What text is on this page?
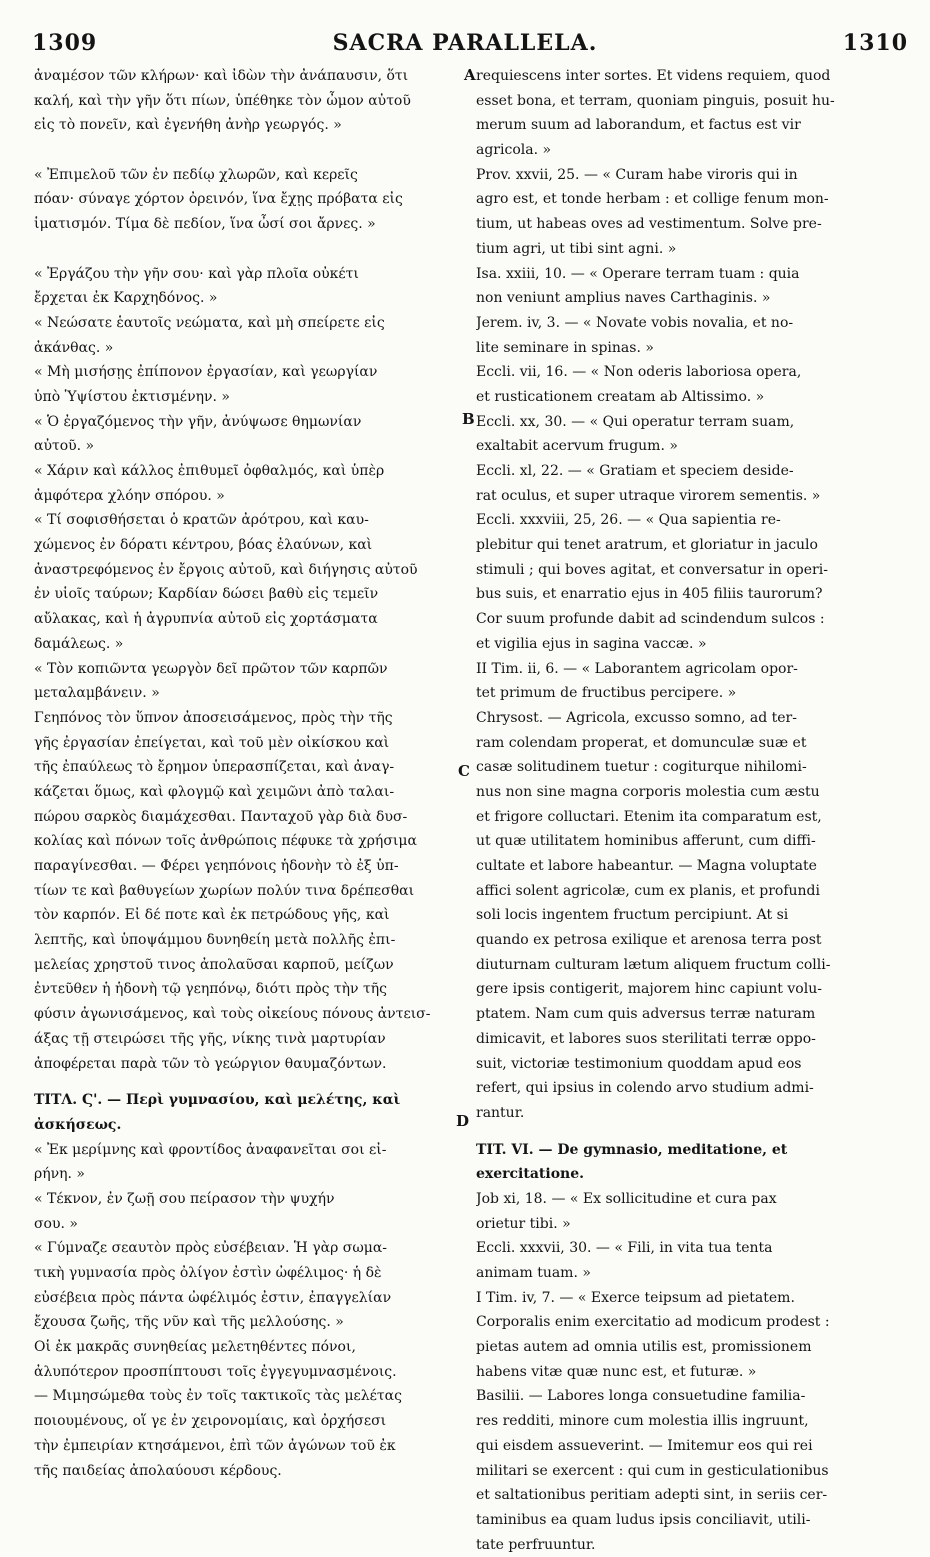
1309	SACRA PARALLELA.	1310
ἀναμέσον τῶν κλήρων· καὶ ἰδὼν τὴν ἀνάπαυσιν, ὅτι
καλή, καὶ τὴν γῆν ὅτι πίων, ὑπέθηκε τὸν ὦμον αὐτοῦ
εἰς τὸ πονεῖν, καὶ ἐγενήθη ἀνὴρ γεωργός. »
« Ἐπιμελοῦ τῶν ἐν πεδίῳ χλωρῶν, καὶ κερεῖς
πόαν· σύναγε χόρτον ὀρεινόν, ἵνα ἔχῃς πρόβατα εἰς
ἱματισμόν. Τίμα δὲ πεδίον, ἵνα ὦσί σοι ἄρνες. »
« Ἐργάζου τὴν γῆν σου· καὶ γὰρ πλοῖα οὐκέτι
ἔρχεται ἐκ Καρχηδόνος. »
« Νεώσατε ἑαυτοῖς νεώματα, καὶ μὴ σπείρετε εἰς
ἀκάνθας. »
« Μὴ μισήσῃς ἐπίπονον ἐργασίαν, καὶ γεωργίαν
ὑπὸ Ὑψίστου ἐκτισμένην. »
« Ὁ ἐργαζόμενος τὴν γῆν, ἀνύψωσε θημωνίαν
αὐτοῦ. »
« Χάριν καὶ κάλλος ἐπιθυμεῖ ὀφθαλμός, καὶ ὑπὲρ
ἀμφότερα χλόην σπόρου. »
« Τί σοφισθήσεται ὁ κρατῶν ἀρότρου, καὶ καυ-
χώμενος ἐν δόρατι κέντρου, βόας ἐλαύνων, καὶ
ἀναστρεφόμενος ἐν ἔργοις αὐτοῦ, καὶ διήγησις αὐτοῦ
ἐν υἱοῖς ταύρων; Καρδίαν δώσει βαθὺ εἰς τεμεῖν
αὔλακας, καὶ ἡ ἀγρυπνία αὐτοῦ εἰς χορτάσματα
δαμάλεως. »
« Τὸν κοπιῶντα γεωργὸν δεῖ πρῶτον τῶν καρπῶν
μεταλαμβάνειν. »
Γεηπόνος τὸν ὕπνον ἀποσεισάμενος, πρὸς τὴν τῆς
γῆς ἐργασίαν ἐπείγεται, καὶ τοῦ μὲν οἰκίσκου καὶ
τῆς ἐπαύλεως τὸ ἔρημον ὑπερασπίζεται, καὶ ἀναγ-
κάζεται ὅμως, καὶ φλογμῷ καὶ χειμῶνι ἀπὸ ταλαι-
πώρου σαρκὸς διαμάχεσθαι. Πανταχοῦ γὰρ διὰ δυσ-
κολίας καὶ πόνων τοῖς ἀνθρώποις πέφυκε τὰ χρήσιμα
παραγίνεσθαι. — Φέρει γεηπόνοις ἡδονὴν τὸ ἐξ ὑπ-
τίων τε καὶ βαθυγείων χωρίων πολύν τινα δρέπεσθαι
τὸν καρπόν. Εἰ δέ ποτε καὶ ἐκ πετρώδους γῆς, καὶ
λεπτῆς, καὶ ὑποψάμμου δυνηθείη μετὰ πολλῆς ἐπι-
μελείας χρηστοῦ τινος ἀπολαῦσαι καρποῦ, μείζων
ἐντεῦθεν ἡ ἡδονὴ τῷ γεηπόνῳ, διότι πρὸς τὴν τῆς
φύσιν ἀγωνισάμενος, καὶ τοὺς οἰκείους πόνους ἀντεισ-
άξας τῇ στειρώσει τῆς γῆς, νίκης τινὰ μαρτυρίαν
ἀποφέρεται παρὰ τῶν τὸ γεώργιον θαυμαζόντων.
ΤΙΤΛ. Ϛ'. — Περὶ γυμνασίου, καὶ μελέτης, καὶ
ἀσκήσεως.
« Ἐκ μερίμνης καὶ φροντίδος ἀναφανεῖται σοι εἰ-
ρήνη. »
« Τέκνον, ἐν ζωῇ σου πείρασον τὴν ψυχήν
σου. »
« Γύμναζε σεαυτὸν πρὸς εὐσέβειαν. Ἡ γὰρ σωμα-
τικὴ γυμνασία πρὸς ὀλίγον ἐστὶν ὠφέλιμος· ἡ δὲ
εὐσέβεια πρὸς πάντα ὠφέλιμός ἐστιν, ἐπαγγελίαν
ἔχουσα ζωῆς, τῆς νῦν καὶ τῆς μελλούσης. »
Οἱ ἐκ μακρᾶς συνηθείας μελετηθέντες πόνοι,
ἀλυπότερον προσπίπτουσι τοῖς ἐγγεγυμνασμένοις.
— Μιμησώμεθα τοὺς ἐν τοῖς τακτικοῖς τὰς μελέτας
ποιουμένους, οἵ γε ἐν χειρονομίαις, καὶ ὀρχήσεσι
τὴν ἐμπειρίαν κτησάμενοι, ἐπὶ τῶν ἀγώνων τοῦ ἐκ
τῆς παιδείας ἀπολαύουσι κέρδους.
requiescens inter sortes. Et videns requiem, quod
esset bona, et terram, quoniam pinguis, posuit hu-
merum suum ad laborandum, et factus est vir
agricola. »
Prov. xxvii, 25. — « Curam habe viroris qui in
agro est, et tonde herbam : et collige fenum mon-
tium, ut habeas oves ad vestimentum. Solve pre-
tium agri, ut tibi sint agni. »
Isa. xxiii, 10. — « Operare terram tuam : quia
non veniunt amplius naves Carthaginis. »
Jerem. iv, 3. — « Novate vobis novalia, et no-
lite seminare in spinas. »
Eccli. vii, 16. — « Non oderis laboriosa opera,
et rusticationem creatam ab Altissimo. »
Eccli. xx, 30. — « Qui operatur terram suam,
exaltabit acervum frugum. »
Eccli. xl, 22. — « Gratiam et speciem deside-
rat oculus, et super utraque virorem sementis. »
Eccli. xxxviii, 25, 26. — « Qua sapientia re-
plebitur qui tenet aratrum, et gloriatur in jaculo
stimuli ; qui boves agitat, et conversatur in operi-
bus suis, et enarratio ejus in 405 filiis taurorum?
Cor suum profunde dabit ad scindendum sulcos :
et vigilia ejus in sagina vaccæ. »
II Tim. ii, 6. — « Laborantem agricolam opor-
tet primum de fructibus percipere. »
Chrysost. — Agricola, excusso somno, ad ter-
ram colendam properat, et domunculæ suæ et
casæ solitudinem tuetur : cogiturque nihilomi-
nus non sine magna corporis molestia cum æstu
et frigore colluctari. Etenim ita comparatum est,
ut quæ utilitatem hominibus afferunt, cum diffi-
cultate et labore habeantur. — Magna voluptate
affici solent agricolæ, cum ex planis, et profundi
soli locis ingentem fructum percipiunt. At si
quando ex petrosa exilique et arenosa terra post
diuturnam culturam lætum aliquem fructum colli-
gere ipsis contigerit, majorem hinc capiunt volu-
ptatem. Nam cum quis adversus terræ naturam
dimicavit, et labores suos sterilitati terræ oppo-
suit, victoriæ testimonium quoddam apud eos
refert, qui ipsius in colendo arvo studium admi-
rantur.
TIT. VI. — De gymnasio, meditatione, et
exercitatione.
Job xi, 18. — « Ex sollicitudine et cura pax
orietur tibi. »
Eccli. xxxvii, 30. — « Fili, in vita tua tenta
animam tuam. »
I Tim. iv, 7. — « Exerce teipsum ad pietatem.
Corporalis enim exercitatio ad modicum prodest :
pietas autem ad omnia utilis est, promissionem
habens vitæ quæ nunc est, et futuræ. »
Basilii. — Labores longa consuetudine familia-
res redditi, minore cum molestia illis ingruunt,
qui eisdem assueverint. — Imitemur eos qui rei
militari se exercent : qui cum in gesticulationibus
et saltationibus peritiam adepti sint, in seriis cer-
taminibus ea quam ludus ipsis conciliavit, utili-
tate perfruuntur.
A
B
C
D
